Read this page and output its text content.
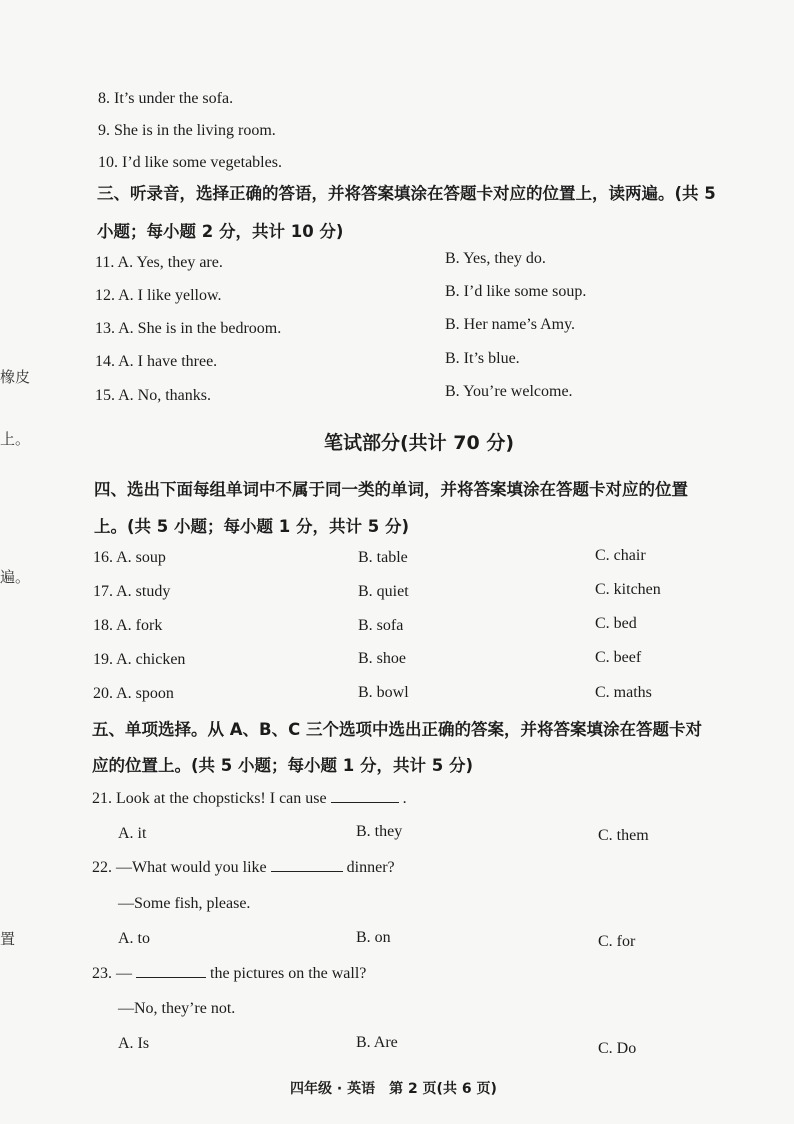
橡皮
上。
遍。
置
8. It’s under the sofa.
9. She is in the living room.
10. I’d like some vegetables.
三、听录音，选择正确的答语，并将答案填涂在答题卡对应的位置上，读两遍。(共 5
小题；每小题 2 分，共计 10 分)
11. A. Yes, they are.	B. Yes, they do.
12. A. I like yellow.	B. I’d like some soup.
13. A. She is in the bedroom.	B. Her name’s Amy.
14. A. I have three.	B. It’s blue.
15. A. No, thanks.	B. You’re welcome.
笔试部分(共计 70 分)
四、选出下面每组单词中不属于同一类的单词，并将答案填涂在答题卡对应的位置
上。(共 5 小题；每小题 1 分，共计 5 分)
16. A. soup	B. table	C. chair
17. A. study	B. quiet	C. kitchen
18. A. fork	B. sofa	C. bed
19. A. chicken	B. shoe	C. beef
20. A. spoon	B. bowl	C. maths
五、单项选择。从 A、B、C 三个选项中选出正确的答案，并将答案填涂在答题卡对
应的位置上。(共 5 小题；每小题 1 分，共计 5 分)
21. Look at the chopsticks! I can use	.
A. it	B. they	C. them
22. —What would you like	dinner?
—Some fish, please.
A. to	B. on	C. for
23. —	the pictures on the wall?
—No, they’re not.
A. Is	B. Are	C. Do
四年级 · 英语　第 2 页(共 6 页)
